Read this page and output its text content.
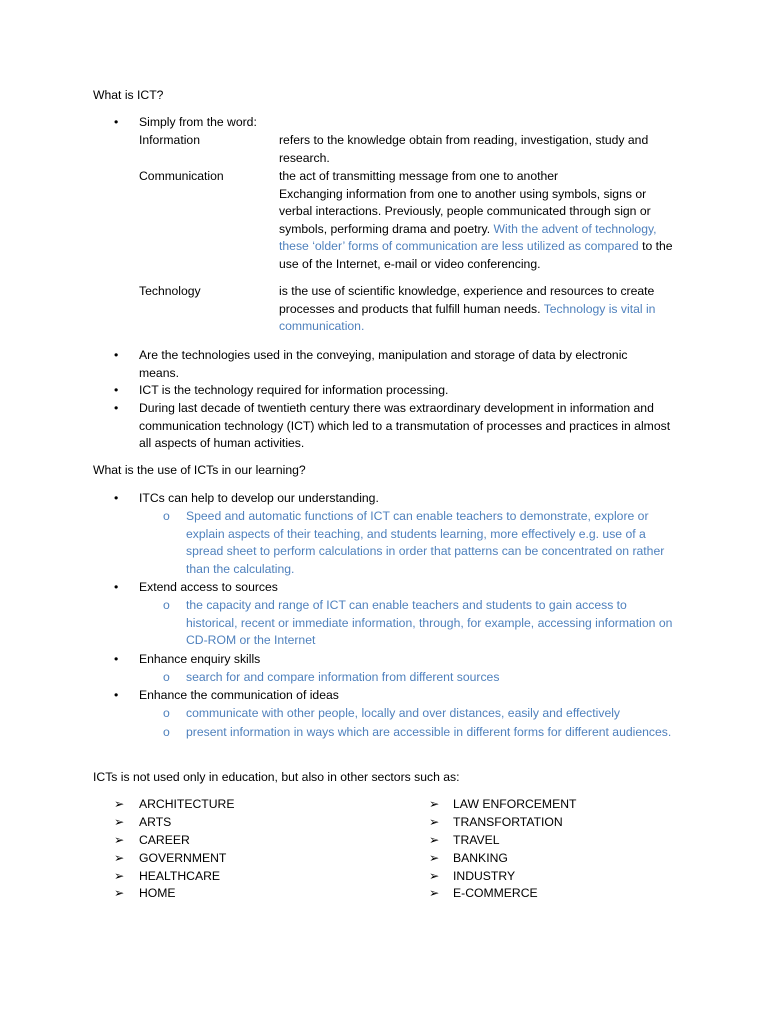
What is ICT?
•
Simply from the word:
Information	refers to the knowledge obtain from reading, investigation, study and research.
Communication	the act of transmitting message from one to another
Exchanging information from one to another using symbols, signs or verbal interactions. Previously, people communicated through sign or symbols, performing drama and poetry. With the advent of technology, these ‘older’ forms of communication are less utilized as compared to the use of the Internet, e-mail or video conferencing.
Technology	is the use of scientific knowledge, experience and resources to create processes and products that fulfill human needs. Technology is vital in communication.
•
Are the technologies used in the conveying, manipulation and storage of data by electronic means.
•
ICT is the technology required for information processing.
•
During last decade of twentieth century there was extraordinary development in information and communication technology (ICT) which led to a transmutation of processes and practices in almost all aspects of human activities.
What is the use of ICTs in our learning?
•
ITCs can help to develop our understanding.
o
Speed and automatic functions of ICT can enable teachers to demonstrate, explore or explain aspects of their teaching, and students learning, more effectively e.g. use of a spread sheet to perform calculations in order that patterns can be concentrated on rather than the calculating.
•
Extend access to sources
o
the capacity and range of ICT can enable teachers and students to gain access to historical, recent or immediate information, through, for example, accessing information on CD-ROM or the Internet
•
Enhance enquiry skills
o
search for and compare information from different sources
•
Enhance the communication of ideas
o
communicate with other people, locally and over distances, easily and effectively
o
present information in ways which are accessible in different forms for different audiences.
ICTs is not used only in education, but also in other sectors such as:
➢	ARCHITECTURE
➢	ARTS
➢	CAREER
➢	GOVERNMENT
➢	HEALTHCARE
➢	HOME
➢	LAW ENFORCEMENT
➢	TRANSFORTATION
➢	TRAVEL
➢	BANKING
➢	INDUSTRY
➢	E-COMMERCE
